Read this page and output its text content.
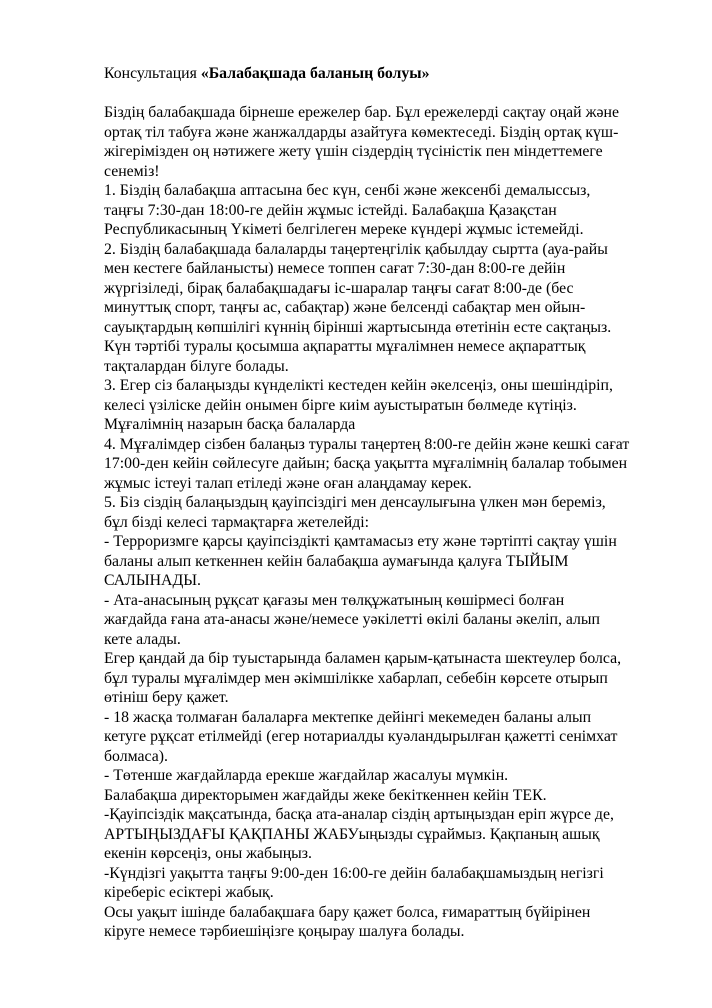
Консультация «Балабақшада баланың болуы»

Біздің балабақшада бірнеше ережелер бар. Бұл ережелерді сақтау оңай және
ортақ тіл табуға және жанжалдарды азайтуға көмектеседі. Біздің ортақ күш-
жігерімізден оң нәтижеге жету үшін сіздердің түсіністік пен міндеттемеге
сенеміз!
1. Біздің балабақша аптасына бес күн, сенбі және жексенбі демалыссыз,
таңғы 7:30-дан 18:00-ге дейін жұмыс істейді. Балабақша Қазақстан
Республикасының Үкіметі белгілеген мереке күндері жұмыс істемейді.
2. Біздің балабақшада балаларды таңертеңгілік қабылдау сыртта (ауа-райы
мен кестеге байланысты) немесе топпен сағат 7:30-дан 8:00-ге дейін
жүргізіледі, бірақ балабақшадағы іс-шаралар таңғы сағат 8:00-де (бес
минуттық спорт, таңғы ас, сабақтар) және белсенді сабақтар мен ойын-
сауықтардың көпшілігі күннің бірінші жартысында өтетінін есте сақтаңыз.
Күн тәртібі туралы қосымша ақпаратты мұғалімнен немесе ақпараттық
тақталардан білуге болады.
3. Егер сіз балаңызды күнделікті кестеден кейін әкелсеңіз, оны шешіндіріп,
келесі үзіліске дейін онымен бірге киім ауыстыратын бөлмеде күтіңіз.
Мұғалімнің назарын басқа балаларда
4. Мұғалімдер сізбен балаңыз туралы таңертең 8:00-ге дейін және кешкі сағат
17:00-ден кейін сөйлесуге дайын; басқа уақытта мұғалімнің балалар тобымен
жұмыс істеуі талап етіледі және оған алаңдамау керек.
5. Біз сіздің балаңыздың қауіпсіздігі мен денсаулығына үлкен мән береміз,
бұл бізді келесі тармақтарға жетелейді:
- Терроризмге қарсы қауіпсіздікті қамтамасыз ету және тәртіпті сақтау үшін
баланы алып кеткеннен кейін балабақша аумағында қалуға ТЫЙЫМ
САЛЫНАДЫ.
- Ата-анасының рұқсат қағазы мен төлқұжатының көшірмесі болған
жағдайда ғана ата-анасы және/немесе уәкілетті өкілі баланы әкеліп, алып
кете алады.
Егер қандай да бір туыстарында баламен қарым-қатынаста шектеулер болса,
бұл туралы мұғалімдер мен әкімшілікке хабарлап, себебін көрсете отырып
өтініш беру қажет.
- 18 жасқа толмаған балаларға мектепке дейінгі мекемеден баланы алып
кетуге рұқсат етілмейді (егер нотариалды куәландырылған қажетті сенімхат
болмаса).
- Төтенше жағдайларда ерекше жағдайлар жасалуы мүмкін.
Балабақша директорымен жағдайды жеке бекіткеннен кейін ТЕК.
-Қауіпсіздік мақсатында, басқа ата-аналар сіздің артыңыздан еріп жүрсе де,
АРТЫҢЫЗДАҒЫ ҚАҚПАНЫ ЖАБУыңызды сұраймыз. Қақпаның ашық
екенін көрсеңіз, оны жабыңыз.
-Күндізгі уақытта таңғы 9:00-ден 16:00-ге дейін балабақшамыздың негізгі
кіреберіс есіктері жабық.
Осы уақыт ішінде балабақшаға бару қажет болса, ғимараттың бүйірінен
кіруге немесе тәрбиешіңізге қоңырау шалуға болады.
